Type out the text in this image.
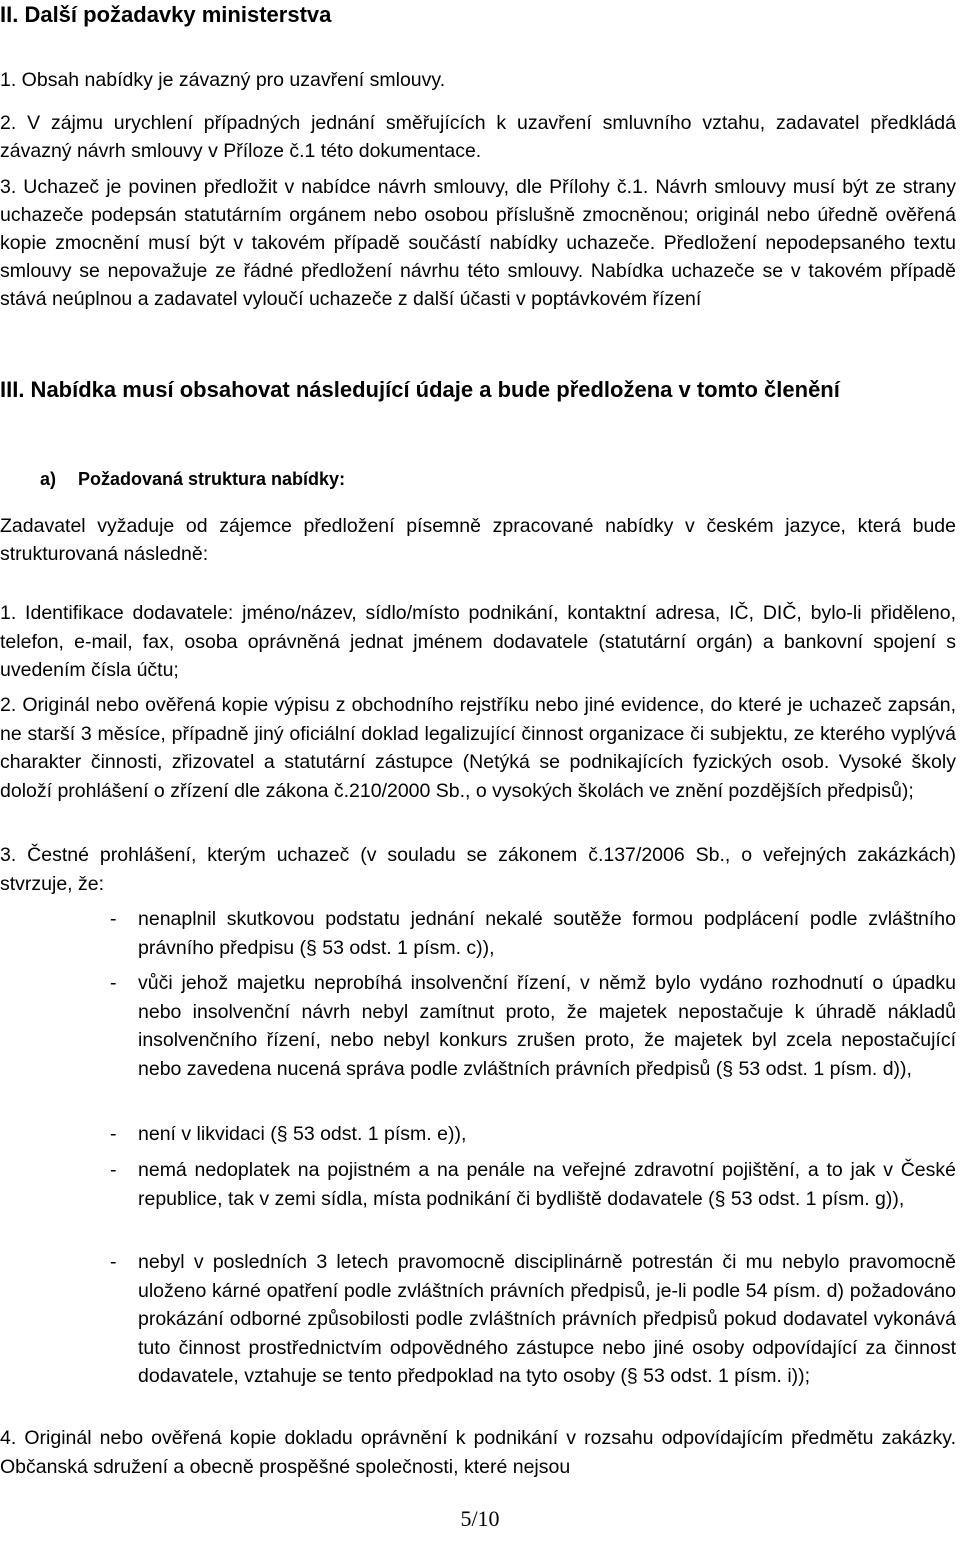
II. Další požadavky ministerstva

1. Obsah nabídky je závazný pro uzavření smlouvy.

2. V zájmu urychlení případných jednání směřujících k uzavření smluvního vztahu, zadavatel předkládá závazný návrh smlouvy v Příloze č.1 této dokumentace.

3. Uchazeč je povinen předložit v nabídce návrh smlouvy, dle Přílohy č.1. Návrh smlouvy musí být ze strany uchazeče podepsán statutárním orgánem nebo osobou příslušně zmocněnou; originál nebo úředně ověřená kopie zmocnění musí být v takovém případě součástí nabídky uchazeče. Předložení nepodepsaného textu smlouvy se nepovažuje ze řádné předložení návrhu této smlouvy. Nabídka uchazeče se v takovém případě stává neúplnou a zadavatel vyloučí uchazeče z další účasti v poptávkovém řízení

III. Nabídka musí obsahovat následující údaje a bude předložena v tomto členění
a) Požadovaná struktura nabídky:

Zadavatel vyžaduje od zájemce předložení písemně zpracované nabídky v českém jazyce, která bude strukturovaná následně:

1. Identifikace dodavatele: jméno/název, sídlo/místo podnikání, kontaktní adresa, IČ, DIČ, bylo-li přiděleno, telefon, e-mail, fax, osoba oprávněná jednat jménem dodavatele (statutární orgán) a bankovní spojení s uvedením čísla účtu;

2. Originál nebo ověřená kopie výpisu z obchodního rejstříku nebo jiné evidence, do které je uchazeč zapsán, ne starší 3 měsíce, případně jiný oficiální doklad legalizující činnost organizace či subjektu, ze kterého vyplývá charakter činnosti, zřizovatel a statutární zástupce (Netýká se podnikajících fyzických osob. Vysoké školy doloží prohlášení o zřízení dle zákona č.210/2000 Sb., o vysokých školách ve znění pozdějších předpisů);

3. Čestné prohlášení, kterým uchazeč (v souladu se zákonem č.137/2006 Sb., o veřejných zakázkách) stvrzuje, že:

- nenaplnil skutkovou podstatu jednání nekalé soutěže formou podplácení podle zvláštního právního předpisu (§ 53 odst. 1 písm. c)),
- vůči jehož majetku neprobíhá insolvenční řízení, v němž bylo vydáno rozhodnutí o úpadku nebo insolvenční návrh nebyl zamítnut proto, že majetek nepostačuje k úhradě nákladů insolvenčního řízení, nebo nebyl konkurs zrušen proto, že majetek byl zcela nepostačující nebo zavedena nucená správa podle zvláštních právních předpisů (§ 53 odst. 1 písm. d)),
- není v likvidaci (§ 53 odst. 1 písm. e)),
- nemá nedoplatek na pojistném a na penále na veřejné zdravotní pojištění, a to jak v České republice, tak v zemi sídla, místa podnikání či bydliště dodavatele (§ 53 odst. 1 písm. g)),
- nebyl v posledních 3 letech pravomocně disciplinárně potrestán či mu nebylo pravomocně uloženo kárné opatření podle zvláštních právních předpisů, je-li podle 54 písm. d) požadováno prokázání odborné způsobilosti podle zvláštních právních předpisů pokud dodavatel vykonává tuto činnost prostřednictvím odpovědného zástupce nebo jiné osoby odpovídající za činnost dodavatele, vztahuje se tento předpoklad na tyto osoby (§ 53 odst. 1 písm. i));

4. Originál nebo ověřená kopie dokladu oprávnění k podnikání v rozsahu odpovídajícím předmětu zakázky. Občanská sdružení a obecně prospěšné společnosti, které nejsou

5/10
